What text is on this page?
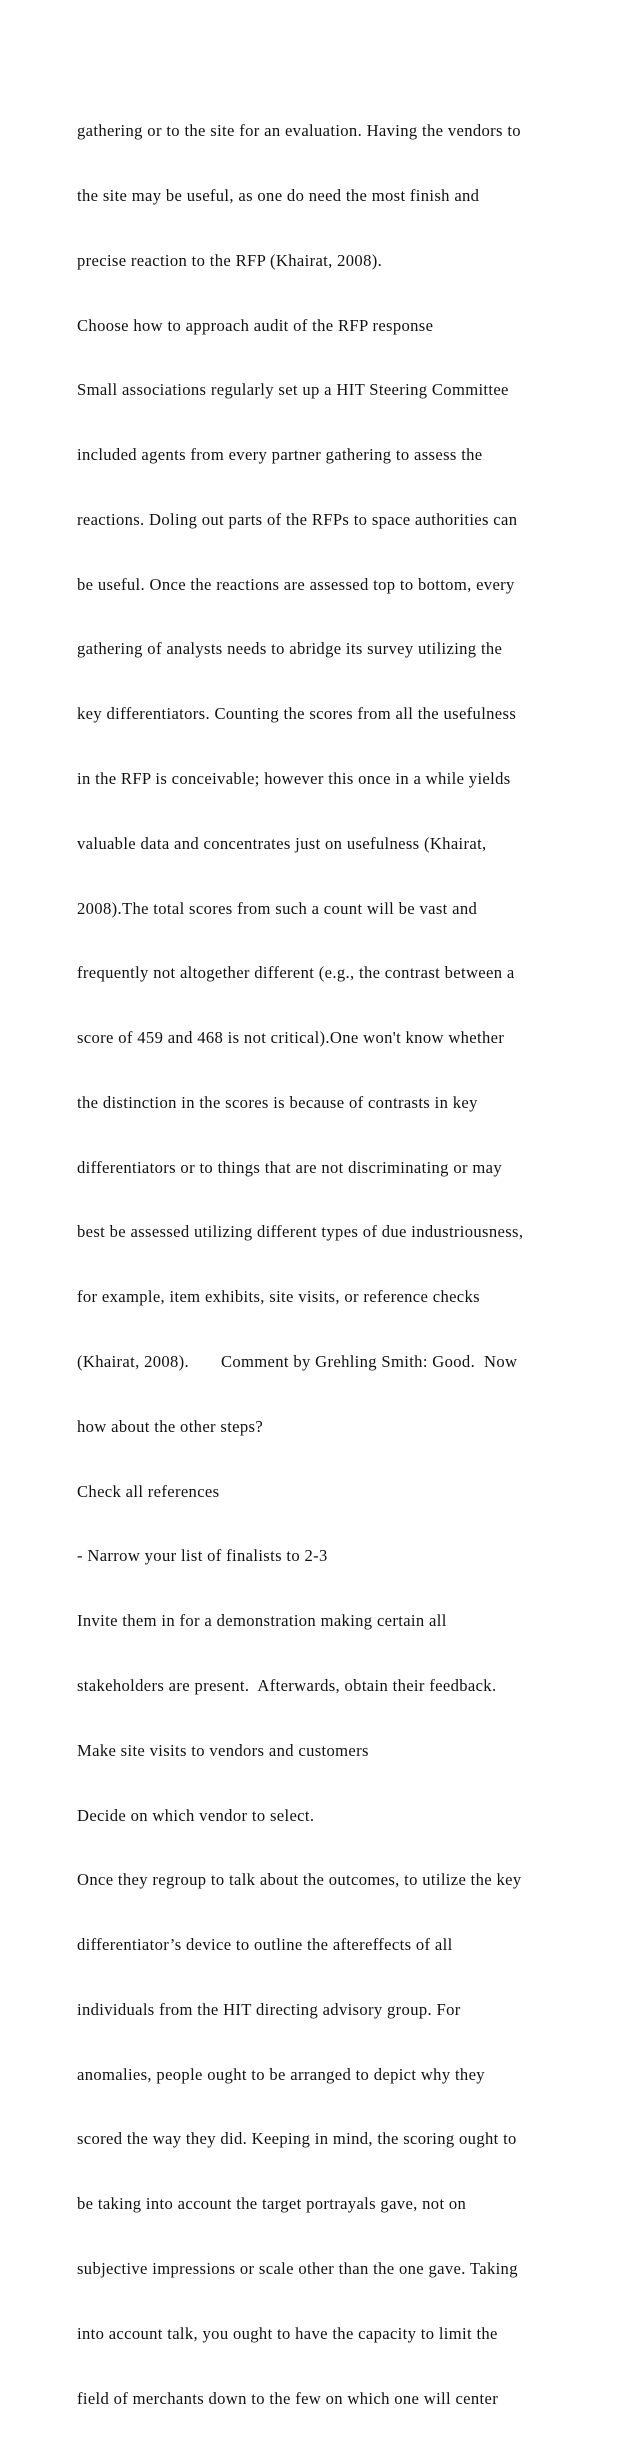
gathering or to the site for an evaluation. Having the vendors to

the site may be useful, as one do need the most finish and

precise reaction to the RFP (Khairat, 2008).

Choose how to approach audit of the RFP response

Small associations regularly set up a HIT Steering Committee

included agents from every partner gathering to assess the

reactions. Doling out parts of the RFPs to space authorities can

be useful. Once the reactions are assessed top to bottom, every

gathering of analysts needs to abridge its survey utilizing the

key differentiators. Counting the scores from all the usefulness

in the RFP is conceivable; however this once in a while yields

valuable data and concentrates just on usefulness (Khairat,

2008).The total scores from such a count will be vast and

frequently not altogether different (e.g., the contrast between a

score of 459 and 468 is not critical).One won't know whether

the distinction in the scores is because of contrasts in key

differentiators or to things that are not discriminating or may

best be assessed utilizing different types of due industriousness,

for example, item exhibits, site visits, or reference checks

(Khairat, 2008).	Comment by Grehling Smith: Good.  Now

how about the other steps?

Check all references

- Narrow your list of finalists to 2-3

Invite them in for a demonstration making certain all

stakeholders are present.  Afterwards, obtain their feedback.

Make site visits to vendors and customers

Decide on which vendor to select.

Once they regroup to talk about the outcomes, to utilize the key

differentiator’s device to outline the aftereffects of all

individuals from the HIT directing advisory group. For

anomalies, people ought to be arranged to depict why they

scored the way they did. Keeping in mind, the scoring ought to

be taking into account the target portrayals gave, not on

subjective impressions or scale other than the one gave. Taking

into account talk, you ought to have the capacity to limit the

field of merchants down to the few on which one will center
